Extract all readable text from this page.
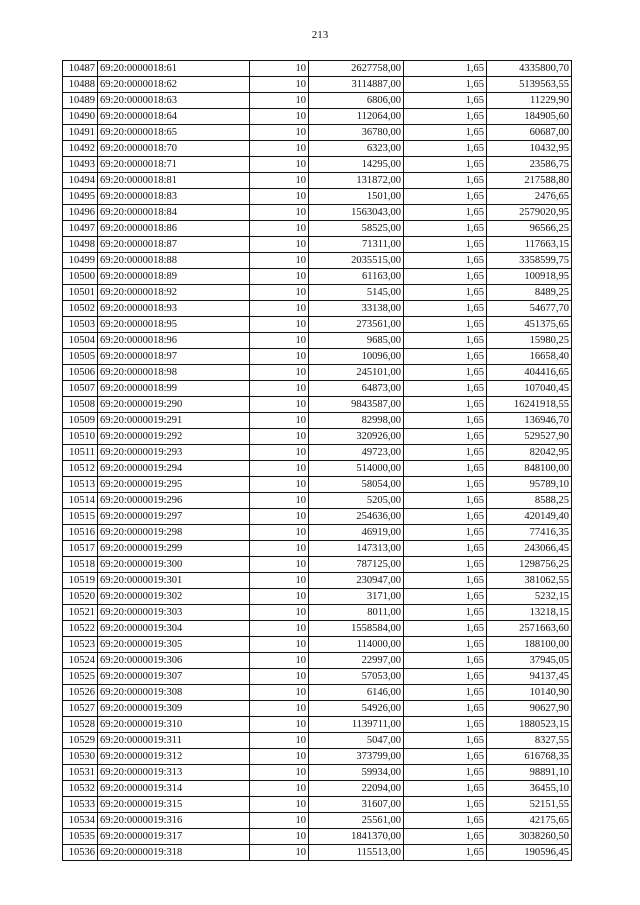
213
10487	69:20:0000018:61	10	2627758,00	1,65	4335800,70
10488	69:20:0000018:62	10	3114887,00	1,65	5139563,55
10489	69:20:0000018:63	10	6806,00	1,65	11229,90
10490	69:20:0000018:64	10	112064,00	1,65	184905,60
10491	69:20:0000018:65	10	36780,00	1,65	60687,00
10492	69:20:0000018:70	10	6323,00	1,65	10432,95
10493	69:20:0000018:71	10	14295,00	1,65	23586,75
10494	69:20:0000018:81	10	131872,00	1,65	217588,80
10495	69:20:0000018:83	10	1501,00	1,65	2476,65
10496	69:20:0000018:84	10	1563043,00	1,65	2579020,95
10497	69:20:0000018:86	10	58525,00	1,65	96566,25
10498	69:20:0000018:87	10	71311,00	1,65	117663,15
10499	69:20:0000018:88	10	2035515,00	1,65	3358599,75
10500	69:20:0000018:89	10	61163,00	1,65	100918,95
10501	69:20:0000018:92	10	5145,00	1,65	8489,25
10502	69:20:0000018:93	10	33138,00	1,65	54677,70
10503	69:20:0000018:95	10	273561,00	1,65	451375,65
10504	69:20:0000018:96	10	9685,00	1,65	15980,25
10505	69:20:0000018:97	10	10096,00	1,65	16658,40
10506	69:20:0000018:98	10	245101,00	1,65	404416,65
10507	69:20:0000018:99	10	64873,00	1,65	107040,45
10508	69:20:0000019:290	10	9843587,00	1,65	16241918,55
10509	69:20:0000019:291	10	82998,00	1,65	136946,70
10510	69:20:0000019:292	10	320926,00	1,65	529527,90
10511	69:20:0000019:293	10	49723,00	1,65	82042,95
10512	69:20:0000019:294	10	514000,00	1,65	848100,00
10513	69:20:0000019:295	10	58054,00	1,65	95789,10
10514	69:20:0000019:296	10	5205,00	1,65	8588,25
10515	69:20:0000019:297	10	254636,00	1,65	420149,40
10516	69:20:0000019:298	10	46919,00	1,65	77416,35
10517	69:20:0000019:299	10	147313,00	1,65	243066,45
10518	69:20:0000019:300	10	787125,00	1,65	1298756,25
10519	69:20:0000019:301	10	230947,00	1,65	381062,55
10520	69:20:0000019:302	10	3171,00	1,65	5232,15
10521	69:20:0000019:303	10	8011,00	1,65	13218,15
10522	69:20:0000019:304	10	1558584,00	1,65	2571663,60
10523	69:20:0000019:305	10	114000,00	1,65	188100,00
10524	69:20:0000019:306	10	22997,00	1,65	37945,05
10525	69:20:0000019:307	10	57053,00	1,65	94137,45
10526	69:20:0000019:308	10	6146,00	1,65	10140,90
10527	69:20:0000019:309	10	54926,00	1,65	90627,90
10528	69:20:0000019:310	10	1139711,00	1,65	1880523,15
10529	69:20:0000019:311	10	5047,00	1,65	8327,55
10530	69:20:0000019:312	10	373799,00	1,65	616768,35
10531	69:20:0000019:313	10	59934,00	1,65	98891,10
10532	69:20:0000019:314	10	22094,00	1,65	36455,10
10533	69:20:0000019:315	10	31607,00	1,65	52151,55
10534	69:20:0000019:316	10	25561,00	1,65	42175,65
10535	69:20:0000019:317	10	1841370,00	1,65	3038260,50
10536	69:20:0000019:318	10	115513,00	1,65	190596,45
